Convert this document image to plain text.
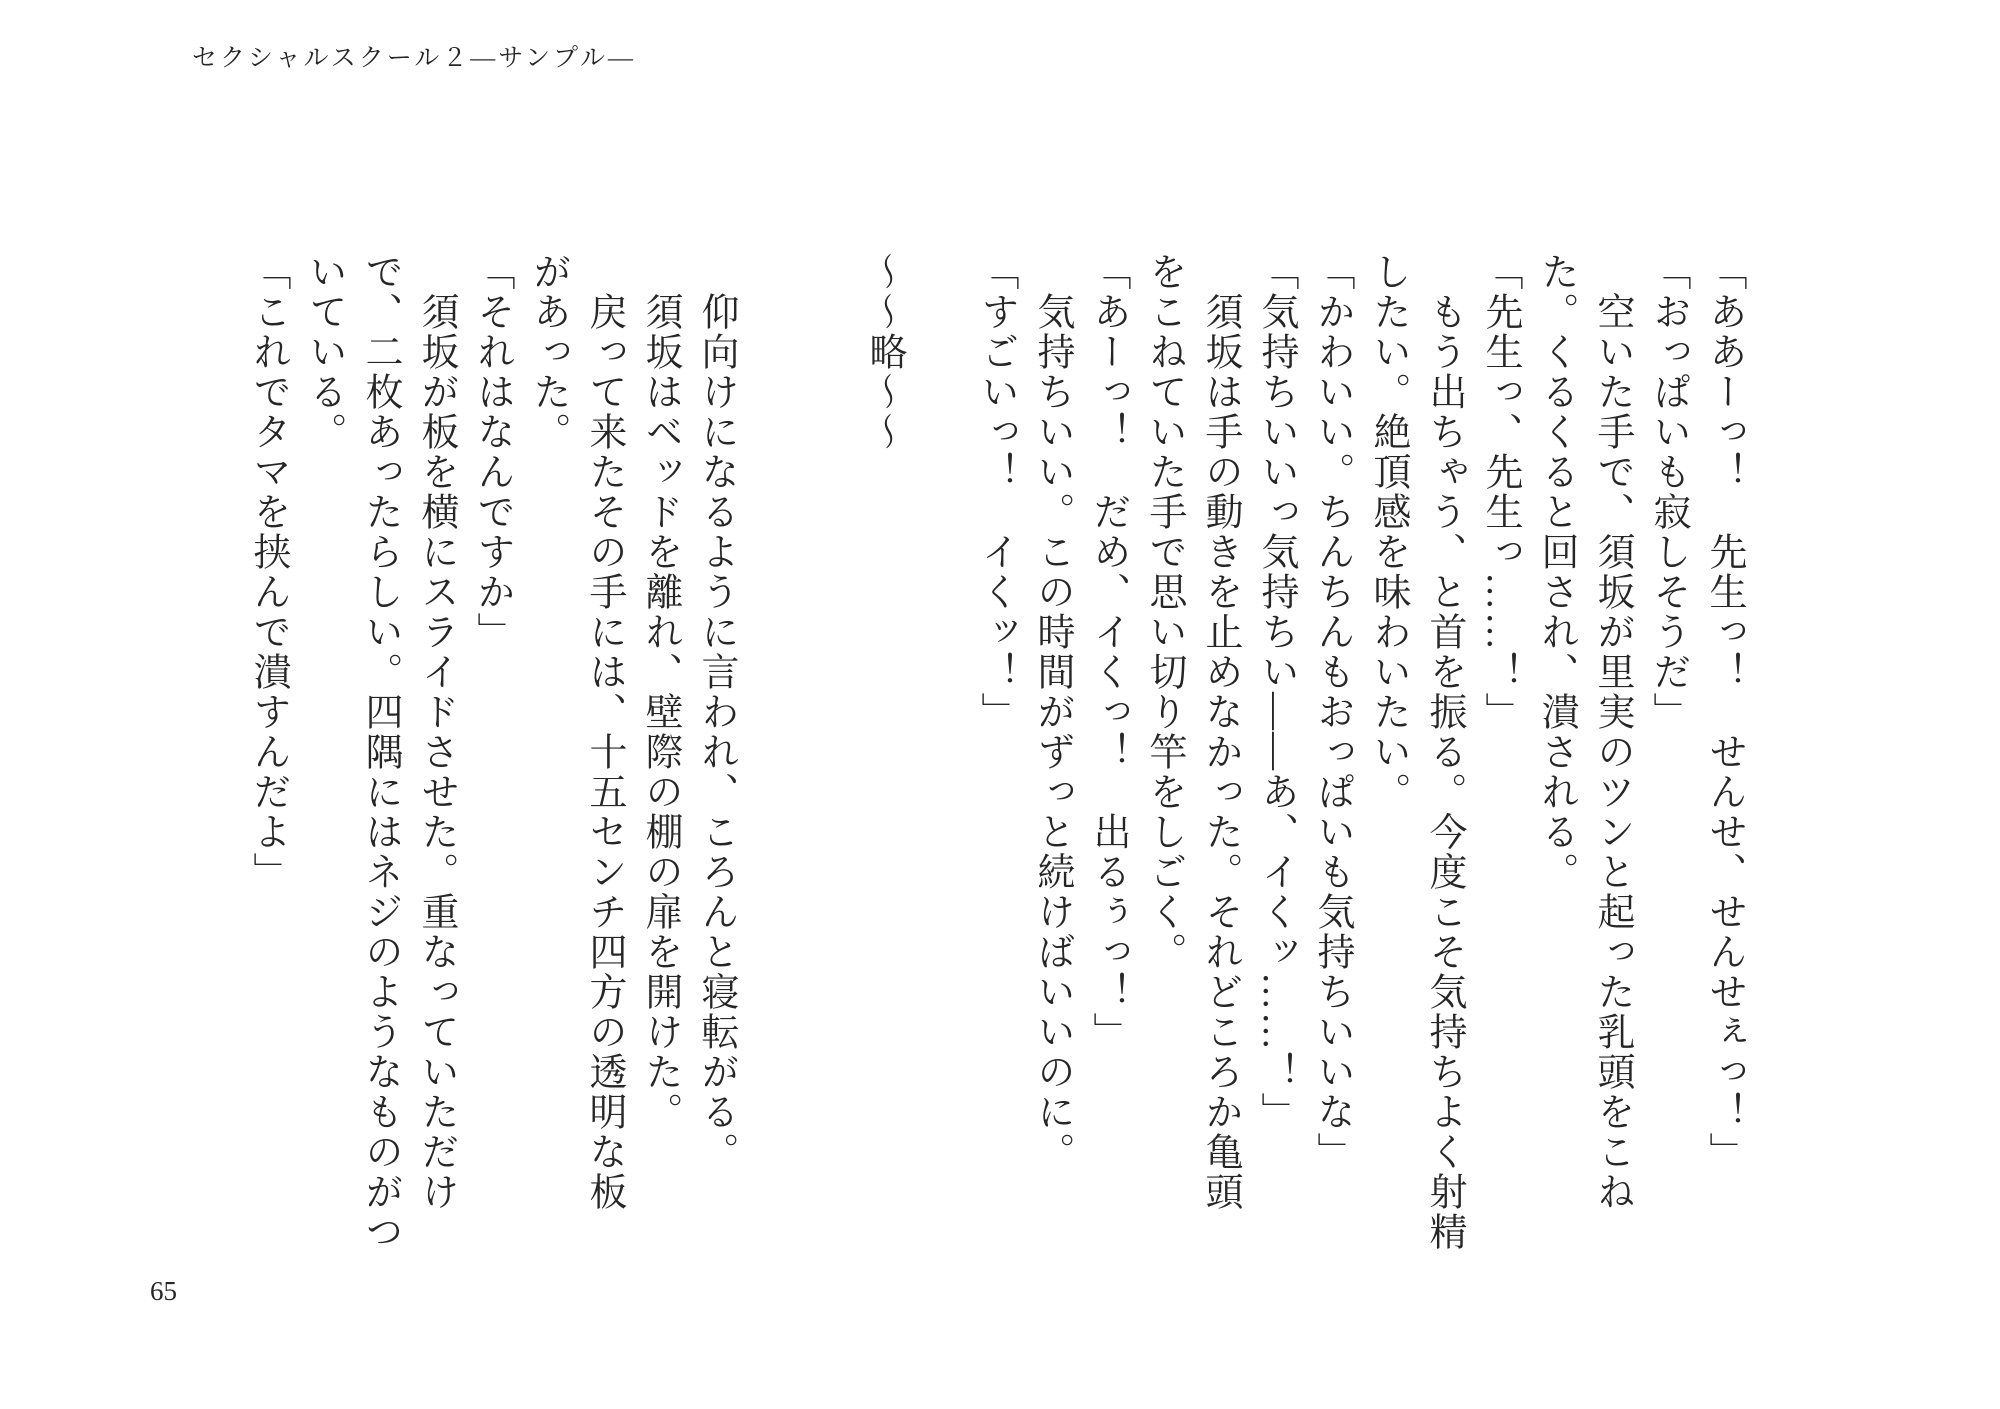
セクシャルスクール２―サンプル―

「ああーっ！　先生っ！　せんせ、せんせぇっ！」

「おっぱいも寂しそうだ」

　空いた手で、須坂が里実のツンと起った乳頭をこね

た。くるくると回され、潰される。

「先生っ、先生っ……！」

　もう出ちゃう、と首を振る。今度こそ気持ちよく射精

したい。絶頂感を味わいたい。

「かわいい。ちんちんもおっぱいも気持ちいいな」

「気持ちいいっ気持ちい――あ、イくッ……！」

　須坂は手の動きを止めなかった。それどころか亀頭

をこねていた手で思い切り竿をしごく。

「あーっ！　だめ、イくっ！　出るぅっ！」

　気持ちいい。この時間がずっと続けばいいのに。

「すごいっ！　イくッ！」

～～略～～

　仰向けになるように言われ、ころんと寝転がる。

　須坂はベッドを離れ、壁際の棚の扉を開けた。

　戻って来たその手には、十五センチ四方の透明な板

があった。

「それはなんですか」

　須坂が板を横にスライドさせた。重なっていただけ

で、二枚あったらしい。四隅にはネジのようなものがつ

いている。

「これでタマを挟んで潰すんだよ」

65
